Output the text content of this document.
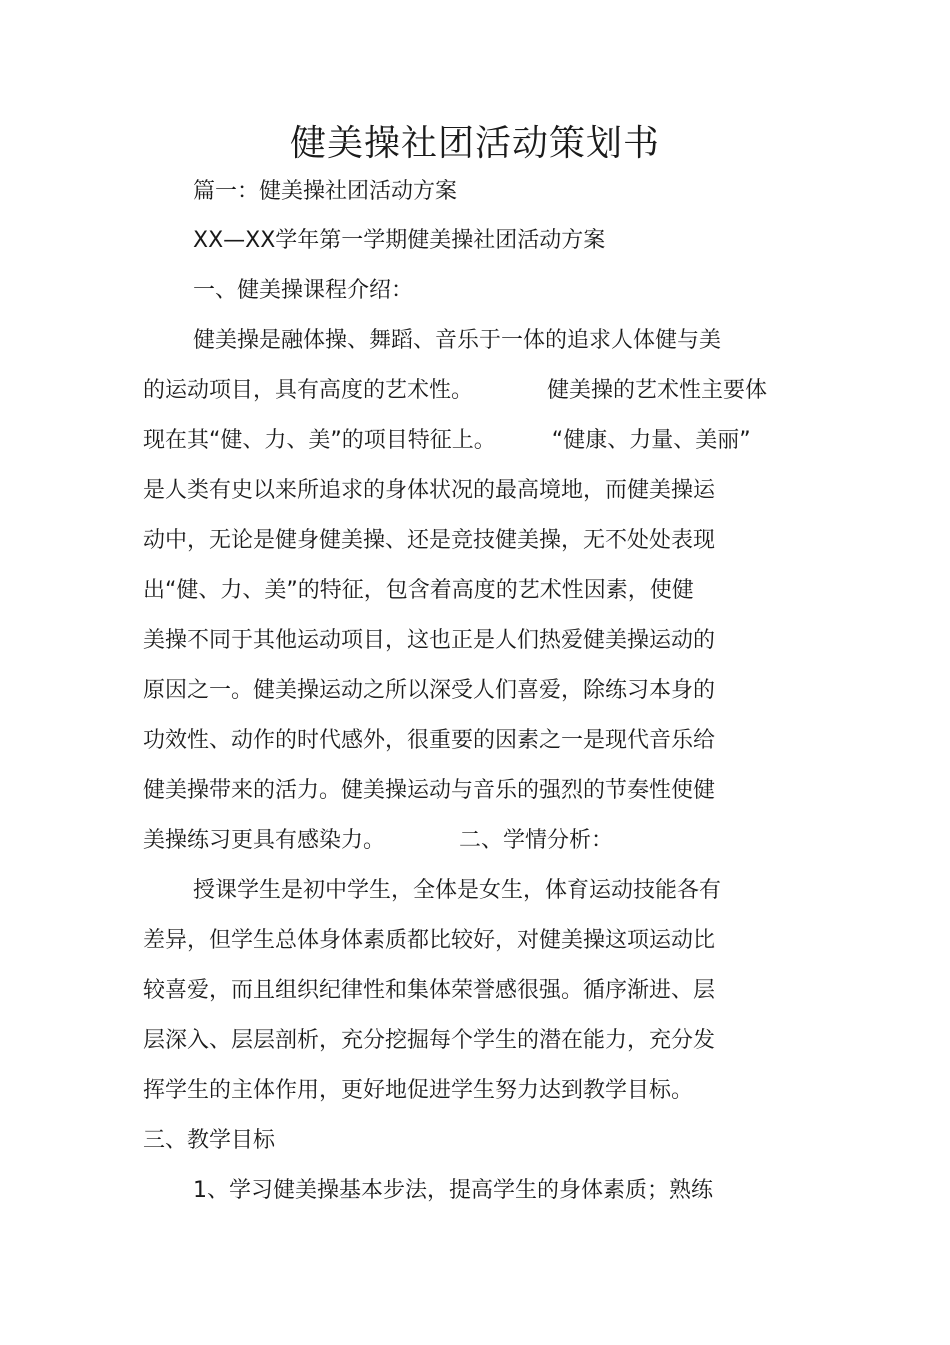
健美操社团活动策划书

篇一：健美操社团活动方案

XX—XX学年第一学期健美操社团活动方案

一、健美操课程介绍：

健美操是融体操、舞蹈、音乐于一体的追求人体健与美

的运动项目，具有高度的艺术性。	健美操的艺术性主要体

现在其“健、力、美”的项目特征上。	“健康、力量、美丽”

是人类有史以来所追求的身体状况的最高境地，而健美操运

动中，无论是健身健美操、还是竞技健美操，无不处处表现

出“健、力、美”的特征，包含着高度的艺术性因素，使健

美操不同于其他运动项目，这也正是人们热爱健美操运动的

原因之一。健美操运动之所以深受人们喜爱，除练习本身的

功效性、动作的时代感外，很重要的因素之一是现代音乐给

健美操带来的活力。健美操运动与音乐的强烈的节奏性使健

美操练习更具有感染力。	二、学情分析：

授课学生是初中学生，全体是女生，体育运动技能各有

差异，但学生总体身体素质都比较好，对健美操这项运动比

较喜爱，而且组织纪律性和集体荣誉感很强。循序渐进、层

层深入、层层剖析，充分挖掘每个学生的潜在能力，充分发

挥学生的主体作用，更好地促进学生努力达到教学目标。

三、教学目标

1、学习健美操基本步法，提高学生的身体素质；熟练
